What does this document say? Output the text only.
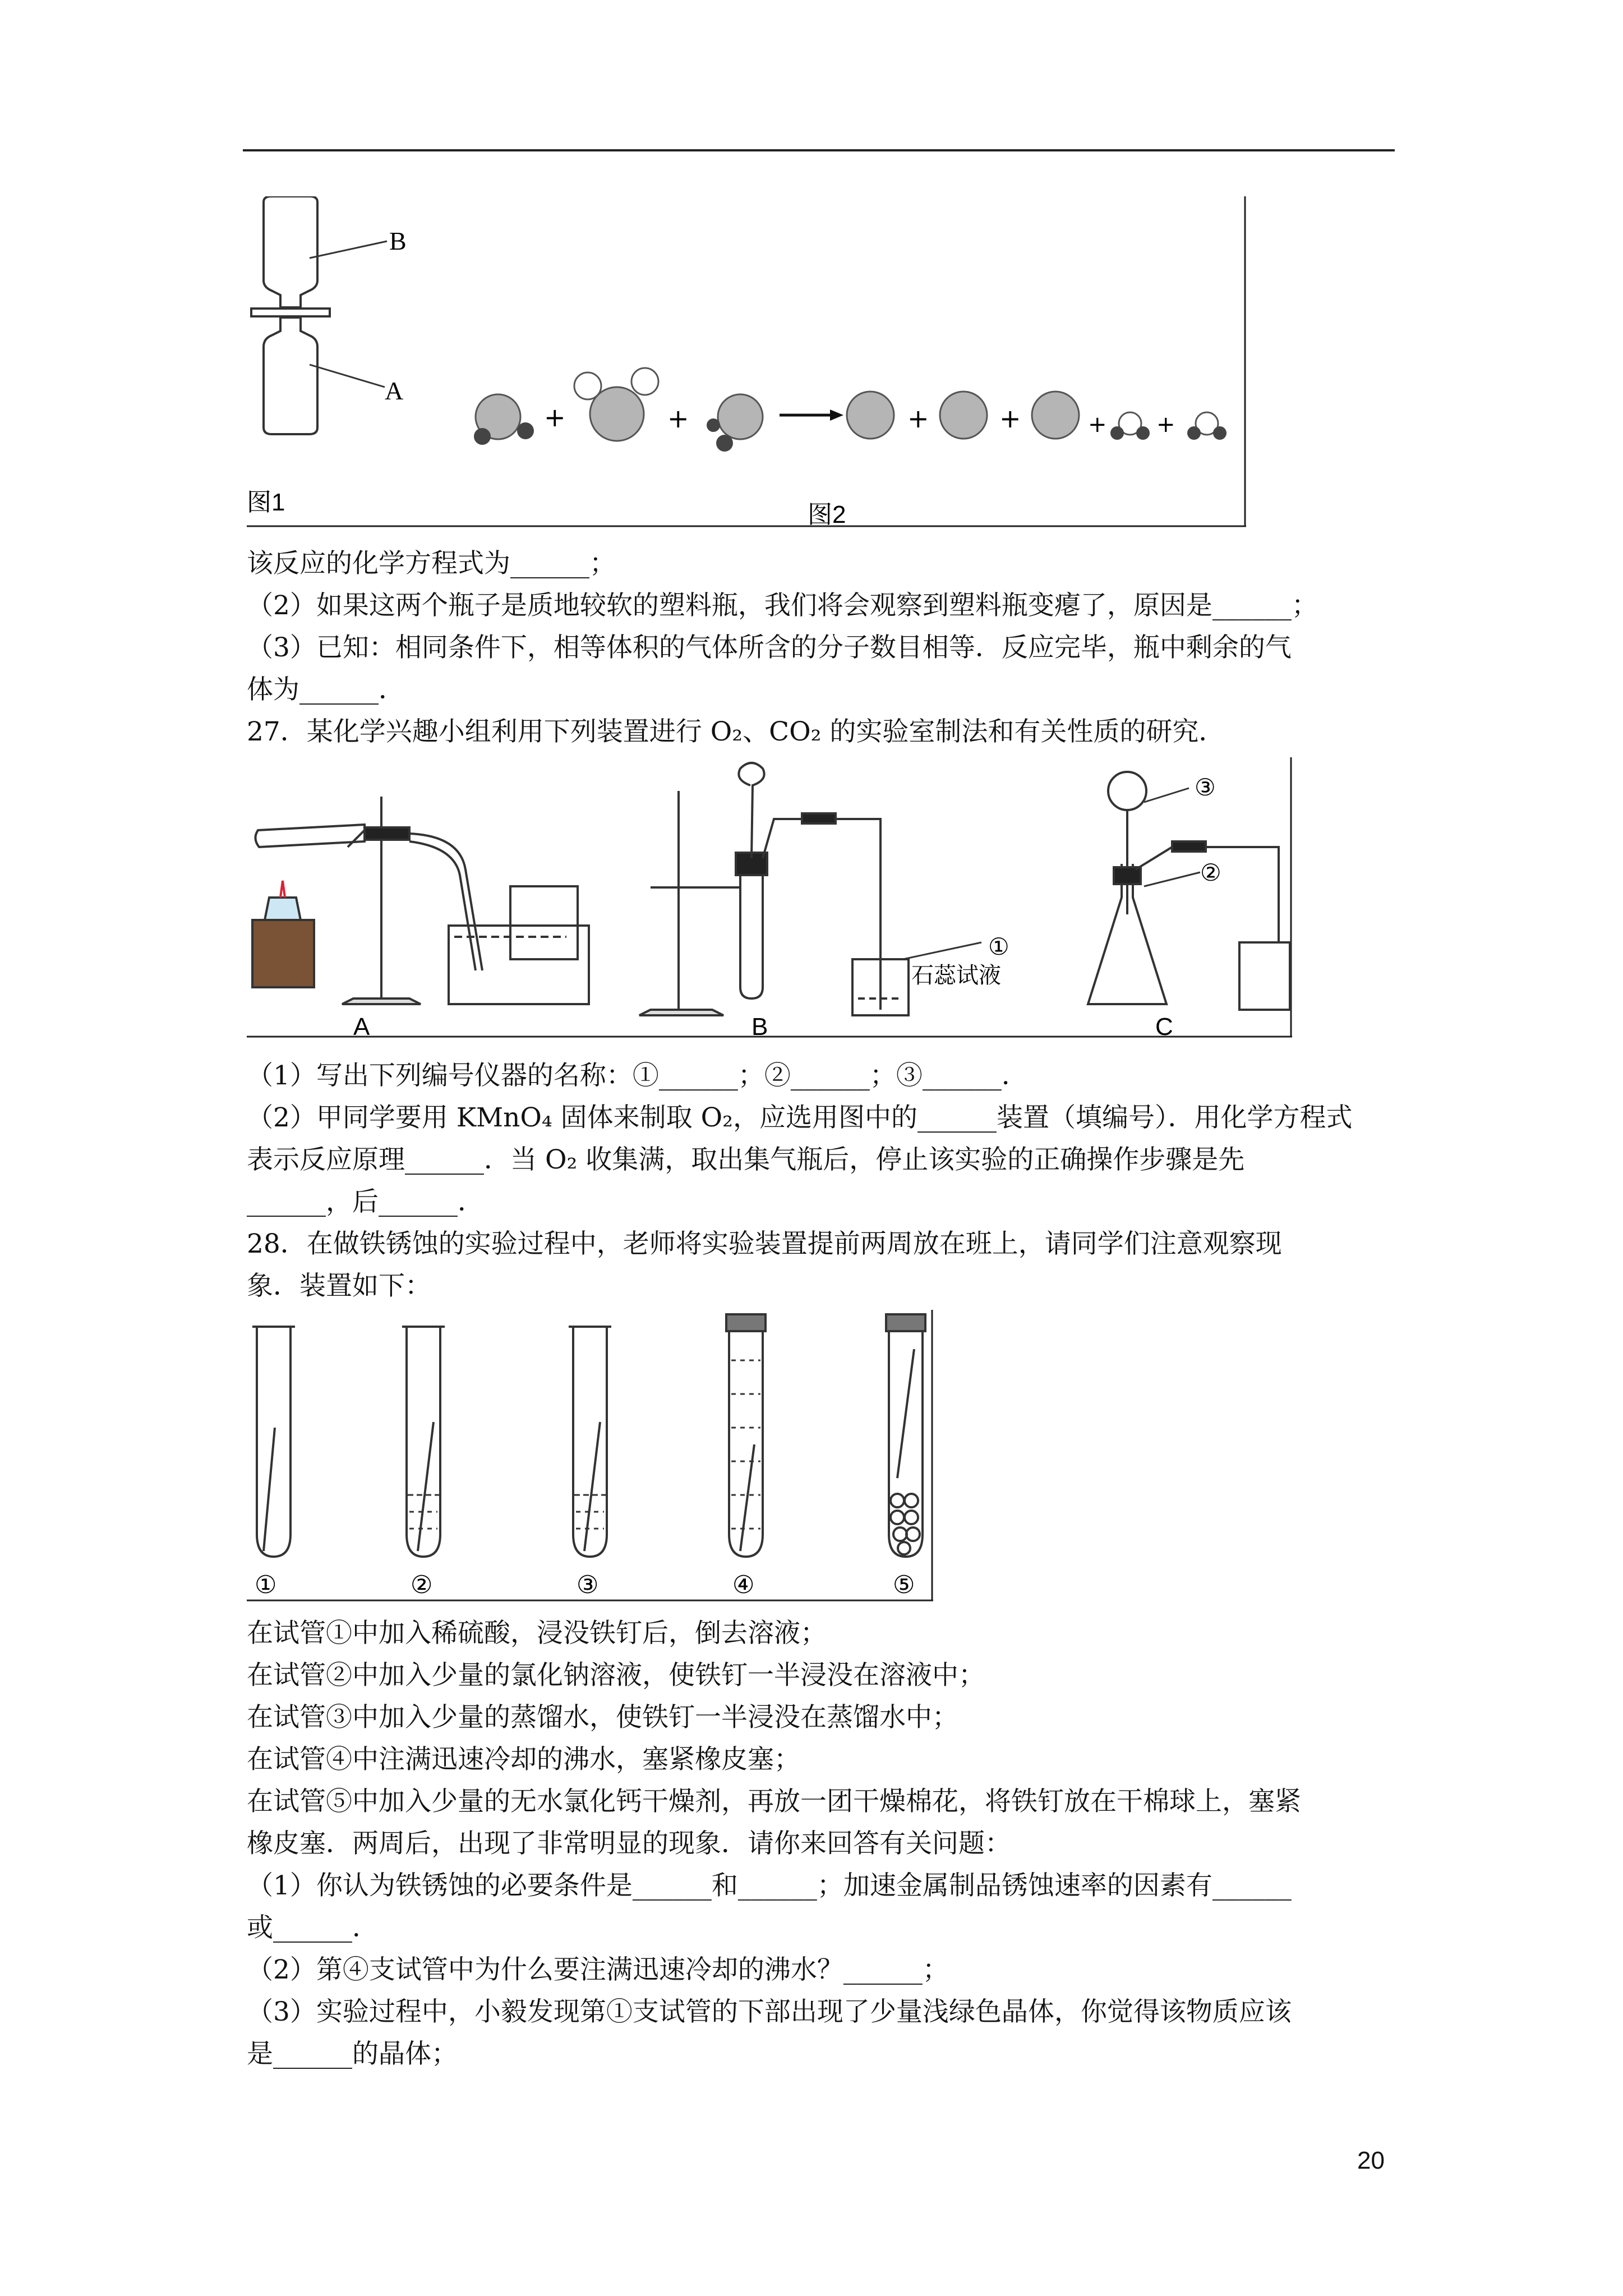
B
A
+	+	+	+	+ +
图1	图2
该反应的化学方程式为______；
（2）如果这两个瓶子是质地较软的塑料瓶，我们将会观察到塑料瓶变瘪了，原因是______；
（3）已知：相同条件下，相等体积的气体所含的分子数目相等．反应完毕，瓶中剩余的气
体为______．
27．某化学兴趣小组利用下列装置进行 O₂、CO₂ 的实验室制法和有关性质的研究．
①
石蕊试液
②
③
A	B	C
（1）写出下列编号仪器的名称：①______；②______；③______．
（2）甲同学要用 KMnO₄ 固体来制取 O₂，应选用图中的______装置（填编号）．用化学方程式
表示反应原理______．当 O₂ 收集满，取出集气瓶后，停止该实验的正确操作步骤是先
______，后______．
28．在做铁锈蚀的实验过程中，老师将实验装置提前两周放在班上，请同学们注意观察现
象．装置如下：
①	②	③	④	⑤
在试管①中加入稀硫酸，浸没铁钉后，倒去溶液；
在试管②中加入少量的氯化钠溶液，使铁钉一半浸没在溶液中；
在试管③中加入少量的蒸馏水，使铁钉一半浸没在蒸馏水中；
在试管④中注满迅速冷却的沸水，塞紧橡皮塞；
在试管⑤中加入少量的无水氯化钙干燥剂，再放一团干燥棉花，将铁钉放在干棉球上，塞紧
橡皮塞．两周后，出现了非常明显的现象．请你来回答有关问题：
（1）你认为铁锈蚀的必要条件是______和______；加速金属制品锈蚀速率的因素有______
或______．
（2）第④支试管中为什么要注满迅速冷却的沸水？______；
（3）实验过程中，小毅发现第①支试管的下部出现了少量浅绿色晶体，你觉得该物质应该
是______的晶体；
20
